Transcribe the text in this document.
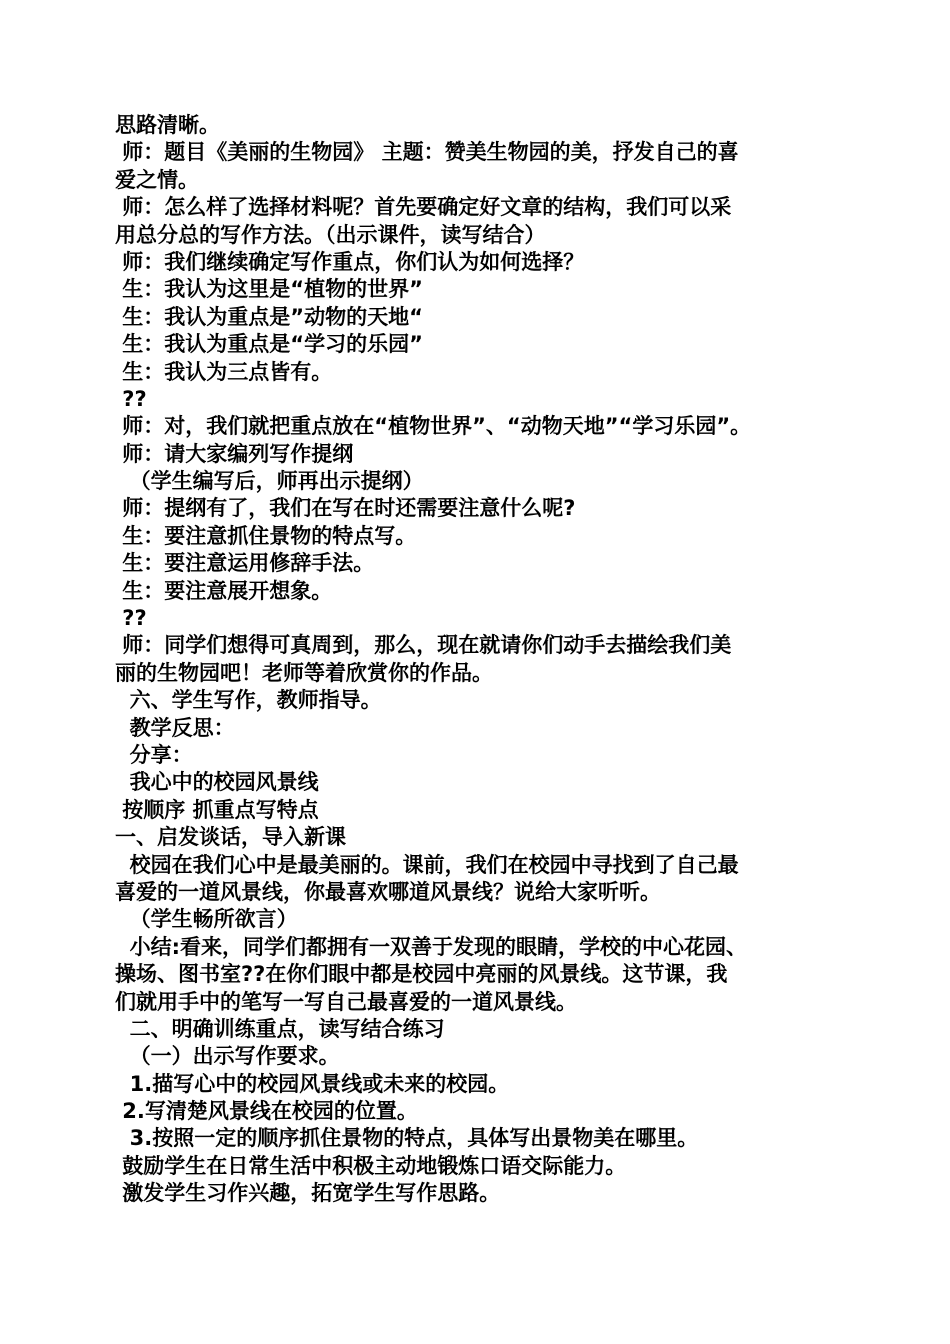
思路清晰。
师：题目《美丽的生物园》 主题：赞美生物园的美，抒发自己的喜
爱之情。
师：怎么样了选择材料呢？首先要确定好文章的结构，我们可以采
用总分总的写作方法。（出示课件，读写结合）
师：我们继续确定写作重点，你们认为如何选择？
生：我认为这里是“植物的世界”
生：我认为重点是”动物的天地“
生：我认为重点是“学习的乐园”
生：我认为三点皆有。
??
师：对，我们就把重点放在“植物世界”、“动物天地”“学习乐园”。
师：请大家编列写作提纲
（学生编写后，师再出示提纲）
师：提纲有了，我们在写在时还需要注意什么呢?
生：要注意抓住景物的特点写。
生：要注意运用修辞手法。
生：要注意展开想象。
??
师：同学们想得可真周到，那么，现在就请你们动手去描绘我们美
丽的生物园吧！老师等着欣赏你的作品。
六、学生写作，教师指导。
教学反思：
分享：
我心中的校园风景线
按顺序 抓重点写特点
一、启发谈话，导入新课
校园在我们心中是最美丽的。课前，我们在校园中寻找到了自己最
喜爱的一道风景线，你最喜欢哪道风景线？说给大家听听。
（学生畅所欲言）
小结:看来，同学们都拥有一双善于发现的眼睛，学校的中心花园、
操场、图书室??在你们眼中都是校园中亮丽的风景线。这节课，我
们就用手中的笔写一写自己最喜爱的一道风景线。
二、明确训练重点，读写结合练习
（一）出示写作要求。
1.描写心中的校园风景线或未来的校园。
2.写清楚风景线在校园的位置。
3.按照一定的顺序抓住景物的特点，具体写出景物美在哪里。
鼓励学生在日常生活中积极主动地锻炼口语交际能力。
激发学生习作兴趣，拓宽学生写作思路。
